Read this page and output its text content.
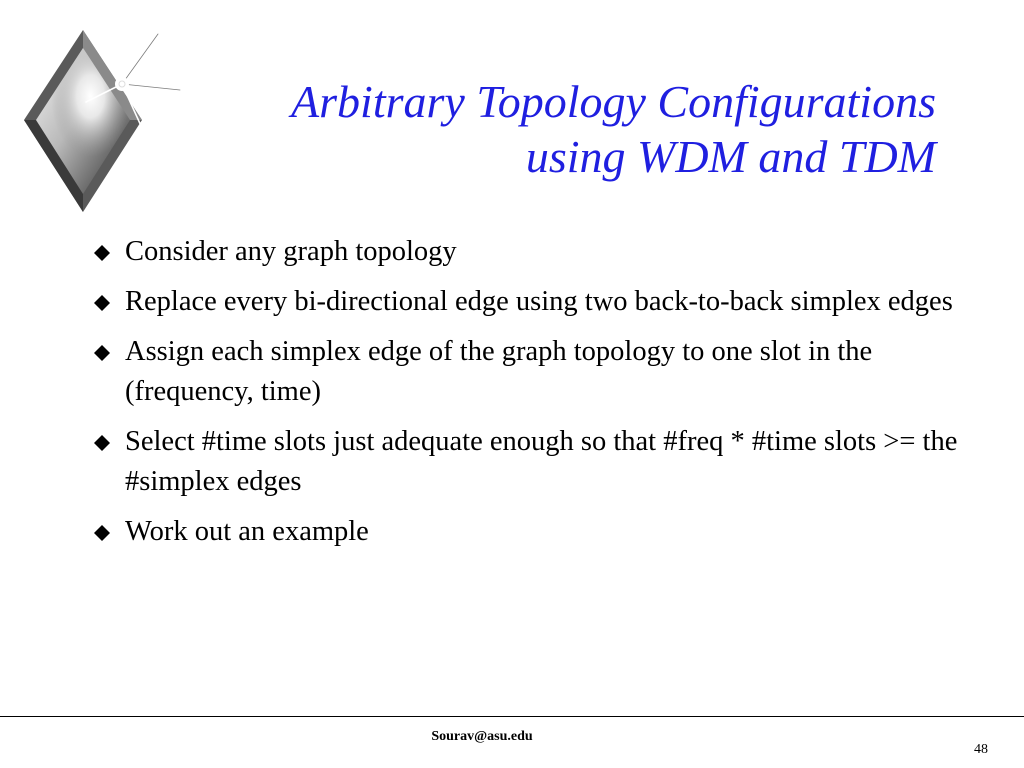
Arbitrary Topology Configurations
using WDM and TDM
Consider any graph topology
Replace every bi-directional edge using two back-to-back simplex edges
Assign each simplex edge of the graph topology to one slot in the (frequency, time)
Select #time slots just adequate enough so that #freq * #time slots >= the #simplex edges
Work out an example
Sourav@asu.edu
48
